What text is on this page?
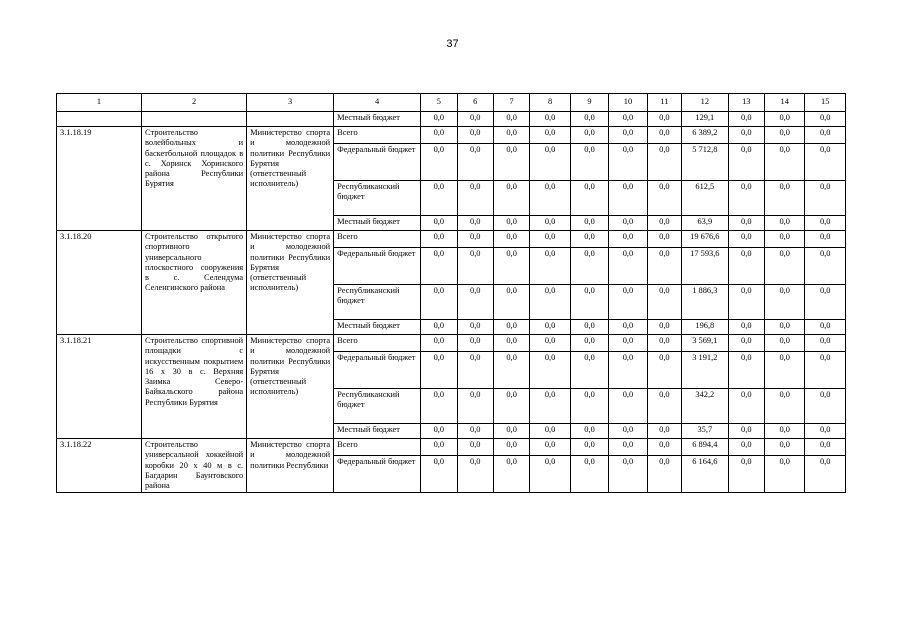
37
1	2	3	4	5	6	7	8	9	10	11	12	13	14	15
			Местный бюджет	0,0	0,0	0,0	0,0	0,0	0,0	0,0	129,1	0,0	0,0	0,0
3.1.18.19	Строительство волейбольных и баскетбольной площадок в с. Хоринск Хоринского района Республики Бурятия	Министерство спорта и молодежной политики Республики Бурятия (ответственный исполнитель)	Всего	0,0	0,0	0,0	0,0	0,0	0,0	0,0	6 389,2	0,0	0,0	0,0
			Федеральный бюджет	0,0	0,0	0,0	0,0	0,0	0,0	0,0	5 712,8	0,0	0,0	0,0
			Республиканский бюджет	0,0	0,0	0,0	0,0	0,0	0,0	0,0	612,5	0,0	0,0	0,0
			Местный бюджет	0,0	0,0	0,0	0,0	0,0	0,0	0,0	63,9	0,0	0,0	0,0
3.1.18.20	Строительство открытого спортивного универсального плоскостного сооружения в с. Селендума Селенгинского района	Министерство спорта и молодежной политики Республики Бурятия (ответственный исполнитель)	Всего	0,0	0,0	0,0	0,0	0,0	0,0	0,0	19 676,6	0,0	0,0	0,0
			Федеральный бюджет	0,0	0,0	0,0	0,0	0,0	0,0	0,0	17 593,6	0,0	0,0	0,0
			Республиканский бюджет	0,0	0,0	0,0	0,0	0,0	0,0	0,0	1 886,3	0,0	0,0	0,0
			Местный бюджет	0,0	0,0	0,0	0,0	0,0	0,0	0,0	196,8	0,0	0,0	0,0
3.1.18.21	Строительство спортивной площадки с искусственным покрытием 16 х 30 в с. Верхняя Заимка Северо-Байкальского района Республики Бурятия	Министерство спорта и молодежной политики Республики Бурятия (ответственный исполнитель)	Всего	0,0	0,0	0,0	0,0	0,0	0,0	0,0	3 569,1	0,0	0,0	0,0
			Федеральный бюджет	0,0	0,0	0,0	0,0	0,0	0,0	0,0	3 191,2	0,0	0,0	0,0
			Республиканский бюджет	0,0	0,0	0,0	0,0	0,0	0,0	0,0	342,2	0,0	0,0	0,0
			Местный бюджет	0,0	0,0	0,0	0,0	0,0	0,0	0,0	35,7	0,0	0,0	0,0
3.1.18.22	Строительство универсальной хоккейной коробки 20 х 40 м в с. Багдарин Баунтовского района	Министерство спорта и молодежной политики Республики	Всего	0,0	0,0	0,0	0,0	0,0	0,0	0,0	6 894,4	0,0	0,0	0,0
			Федеральный бюджет	0,0	0,0	0,0	0,0	0,0	0,0	0,0	6 164,6	0,0	0,0	0,0
